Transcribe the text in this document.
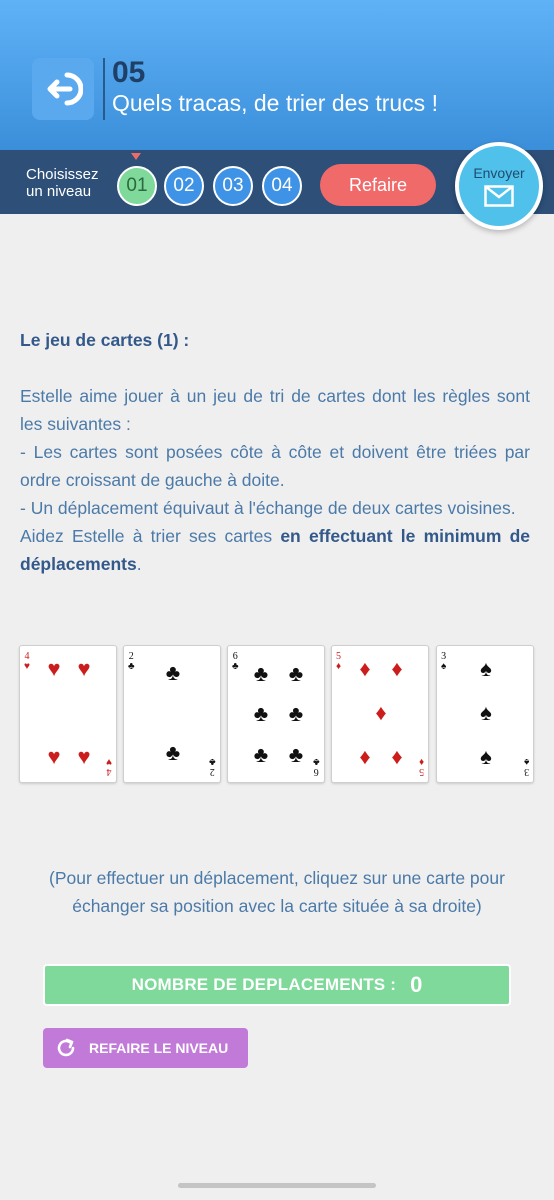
05
Quels tracas, de trier des trucs !
Choisissez
un niveau	01	02	03	04	Refaire
Envoyer
Le jeu de cartes (1) :

Estelle aime jouer à un jeu de tri de cartes dont les règles sont les suivantes :

- Les cartes sont posées côte à côte et doivent être triées par ordre croissant de gauche à doite.

- Un déplacement équivaut à l'échange de deux cartes voisines.

Aidez Estelle à trier ses cartes en effectuant le minimum de déplacements.

4
♥
4
♥
♥ ♥
♥ ♥
2
♣
2
♣
♣
♣
6
♣
6
♣
♣ ♣
♣ ♣
♣ ♣
5
♦
5
♦
♦ ♦
♦
♦ ♦
3
♠
3
♠
♠
♠
♠
(Pour effectuer un déplacement, cliquez sur une carte pour échanger sa position avec la carte située à sa droite)
NOMBRE DE DEPLACEMENTS : 0
REFAIRE LE NIVEAU
